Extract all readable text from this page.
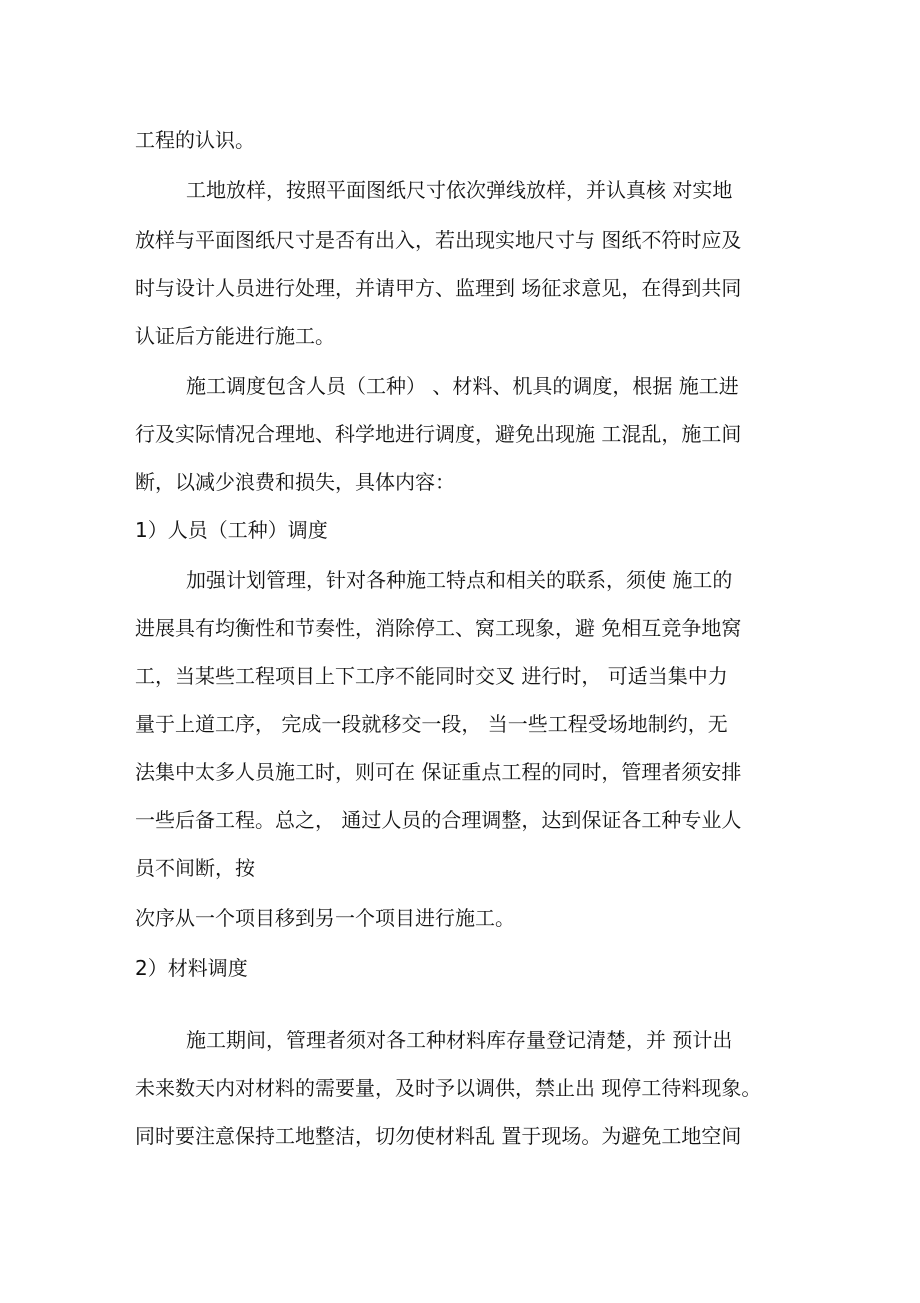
工程的认识。
工地放样，按照平面图纸尺寸依次弹线放样，并认真核 对实地
放样与平面图纸尺寸是否有出入，若出现实地尺寸与 图纸不符时应及
时与设计人员进行处理，并请甲方、监理到 场征求意见，在得到共同
认证后方能进行施工。
施工调度包含人员（工种） 、材料、机具的调度，根据 施工进
行及实际情况合理地、科学地进行调度，避免出现施 工混乱，施工间
断，以减少浪费和损失，具体内容：
1）人员（工种）调度
加强计划管理，针对各种施工特点和相关的联系，须使 施工的
进展具有均衡性和节奏性，消除停工、窝工现象，避 免相互竞争地窝
工，当某些工程项目上下工序不能同时交叉 进行时， 可适当集中力
量于上道工序， 完成一段就移交一段， 当一些工程受场地制约，无
法集中太多人员施工时，则可在 保证重点工程的同时，管理者须安排
一些后备工程。总之， 通过人员的合理调整，达到保证各工种专业人
员不间断，按
次序从一个项目移到另一个项目进行施工。
2）材料调度
施工期间，管理者须对各工种材料库存量登记清楚，并 预计出
未来数天内对材料的需要量，及时予以调供，禁止出 现停工待料现象。
同时要注意保持工地整洁，切勿使材料乱 置于现场。为避免工地空间
